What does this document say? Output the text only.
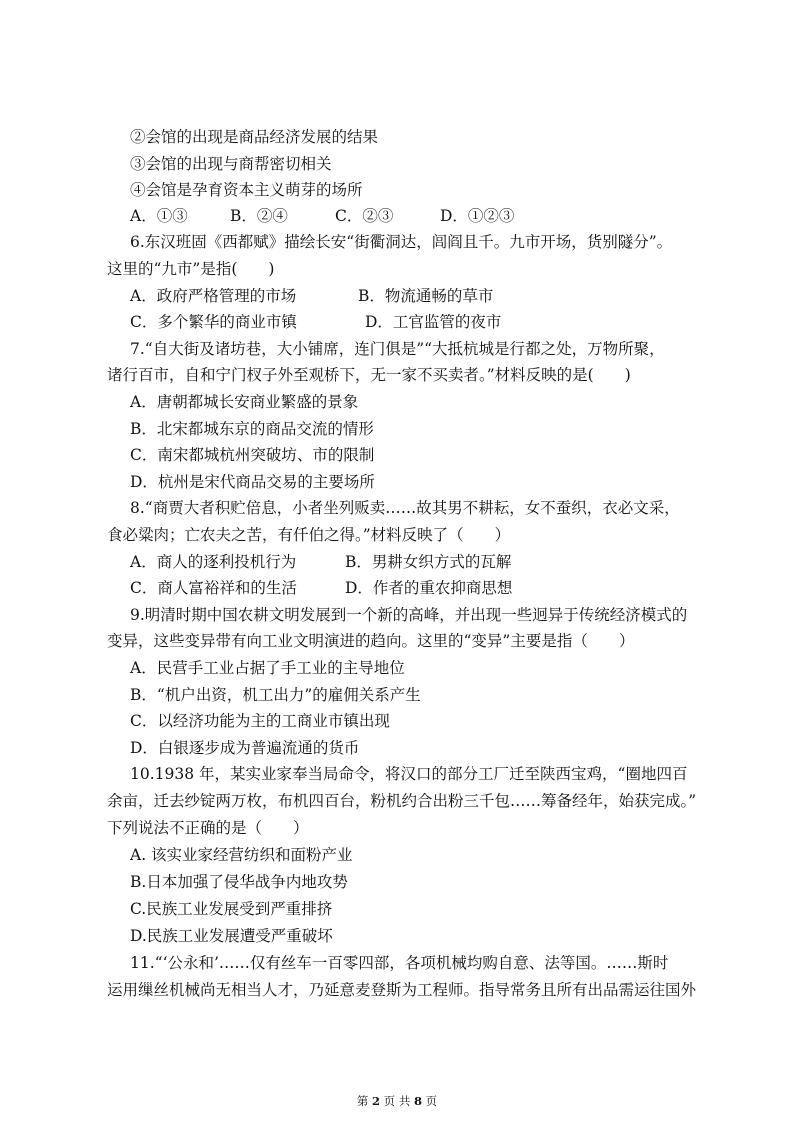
②会馆的出现是商品经济发展的结果
③会馆的出现与商帮密切相关
④会馆是孕育资本主义萌芽的场所
A．①③	B．②④	C．②③	D．①②③
6.东汉班固《西都赋》描绘长安“街衢洞达，闾阎且千。九市开场，货别隧分”。
这里的“九市”是指(　　)
A．政府严格管理的市场	B．物流通畅的草市
C．多个繁华的商业市镇	D．工官监管的夜市
7.“自大街及诸坊巷，大小铺席，连门俱是”“大抵杭城是行都之处，万物所聚，
诸行百市，自和宁门杈子外至观桥下，无一家不买卖者。”材料反映的是(　　)
A．唐朝都城长安商业繁盛的景象
B．北宋都城东京的商品交流的情形
C．南宋都城杭州突破坊、市的限制
D．杭州是宋代商品交易的主要场所
8.“商贾大者积贮倍息，小者坐列贩卖……故其男不耕耘，女不蚕织，衣必文采，
食必粱肉；亡农夫之苦，有仟伯之得。”材料反映了（　　）
A．商人的逐利投机行为	B．男耕女织方式的瓦解
C．商人富裕祥和的生活	D．作者的重农抑商思想
9.明清时期中国农耕文明发展到一个新的高峰，并出现一些迥异于传统经济模式的
变异，这些变异带有向工业文明演进的趋向。这里的“变异”主要是指（　　）
A．民营手工业占据了手工业的主导地位
B．“机户出资，机工出力”的雇佣关系产生
C．以经济功能为主的工商业市镇出现
D．白银逐步成为普遍流通的货币
10.1938 年，某实业家奉当局命令，将汉口的部分工厂迁至陕西宝鸡，“圈地四百
余亩，迁去纱锭两万枚，布机四百台，粉机约合出粉三千包……筹备经年，始获完成。”
下列说法不正确的是（　　）
A. 该实业家经营纺织和面粉产业
B.日本加强了侵华战争内地攻势
C.民族工业发展受到严重排挤
D.民族工业发展遭受严重破坏
11.“‘公永和’……仅有丝车一百零四部，各项机械均购自意、法等国。……斯时
运用缫丝机械尚无相当人才，乃延意麦登斯为工程师。指导常务且所有出品需运往国外
第 2 页 共 8 页
